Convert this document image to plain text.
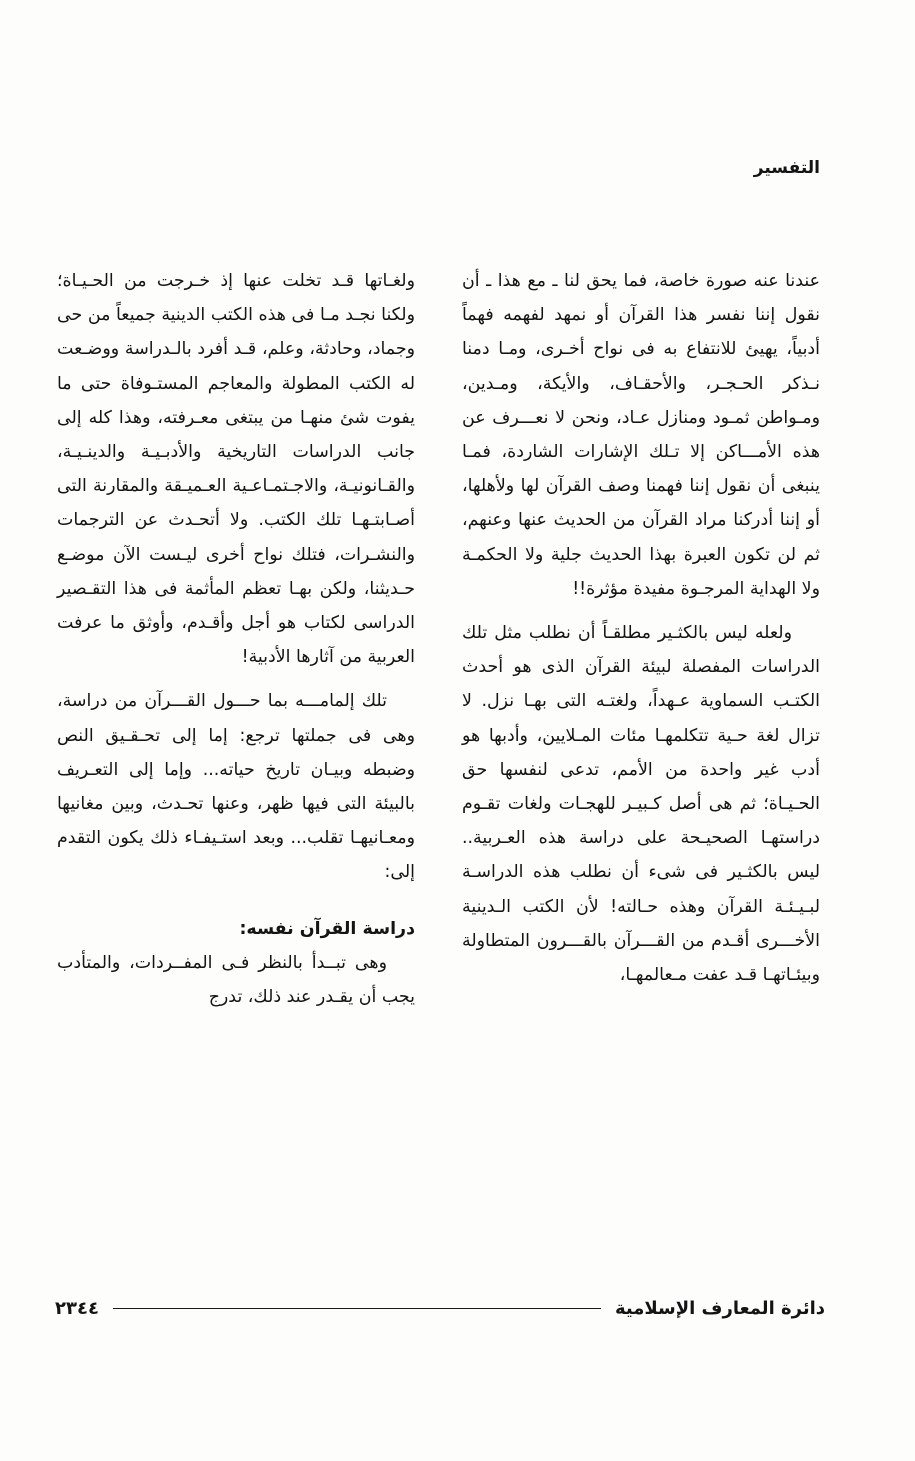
التفسير

عندنا عنه صورة خاصة، فما يحق لنا ـ مع هذا ـ أن نقول إننا نفسر هذا القرآن أو نمهد لفهمه فهماً أدبياً، يهيئ للانتفاع به فى نواح أخـرى، ومـا دمنا نـذكر الحـجـر، والأحقـاف، والأيكة، ومـدين، ومـواطن ثمـود ومنازل عـاد، ونحن لا نعـــرف عن هذه الأمـــاكن إلا تـلك الإشارات الشاردة، فمـا ينبغى أن نقول إننا فهمنا وصف القرآن لها ولأهلها، أو إننا أدركنا مراد القرآن من الحديث عنها وعنهم، ثم لن تكون العبرة بهذا الحديث جلية ولا الحكمـة ولا الهداية المرجـوة مفيدة مؤثرة!!

ولعله ليس بالكثـير مطلقـاً أن نطلب مثل تلك الدراسات المفصلة لبيئة القرآن الذى هو أحدث الكتـب السماوية عـهداً، ولغتـه التى بهـا نزل. لا تزال لغة حـية تتكلمهـا مئات المـلايين، وأدبها هو أدب غير واحدة من الأمم، تدعى لنفسها حق الحـيـاة؛ ثم هى أصل كـبيـر للهجـات ولغات تقـوم دراستهـا الصحيـحة على دراسة هذه العـربية.. ليس بالكثـير فى شىء أن نطلب هذه الدراسـة لبـيـئـة القرآن وهذه حـالته! لأن الكتب الـدينية الأخـــرى أقـدم من القـــرآن بالقـــرون المتطاولة وبيئـاتهـا قـد عفت مـعالمهـا،

ولغـاتها قـد تخلت عنها إذ خـرجت من الحـيـاة؛ ولكنا نجـد مـا فى هذه الكتب الدينية جميعاً من حى وجماد، وحادثة، وعلم، قـد أفرد بالـدراسة ووضـعت له الكتب المطولة والمعاجم المستـوفاة حتى ما يفوت شئ منهـا من يبتغى معـرفته، وهذا كله إلى جانب الدراسات التاريخية والأدبـيـة والدينـيـة، والقـانونيـة، والاجـتمـاعـية العـميـقة والمقارنة التى أصـابتـهـا تلك الكتب. ولا أتحـدث عن الترجمات والنشـرات، فتلك نواح أخرى ليـست الآن موضـع حـديثنا، ولكن بهـا تعظم المأثمة فى هذا التقـصير الدراسى لكتاب هو أجل وأقـدم، وأوثق ما عرفت العربية من آثارها الأدبية!

تلك إلمامـــه بما حـــول القـــرآن من دراسة، وهى فى جملتها ترجع: إما إلى تحـقـيق النص وضبطه وبيـان تاريخ حياته... وإما إلى التعـريف بالبيئة التى فيها ظهر، وعنها تحـدث، وبين مغانيها ومعـانيهـا تقلب... وبعد استـيفـاء ذلك يكون التقدم إلى:

دراسة القرآن نفسه:

وهى تبــدأ بالنظر فـى المفــردات، والمتأدب يجب أن يقـدر عند ذلك، تدرج

٢٣٤٤	دائرة المعارف الإسلامية
